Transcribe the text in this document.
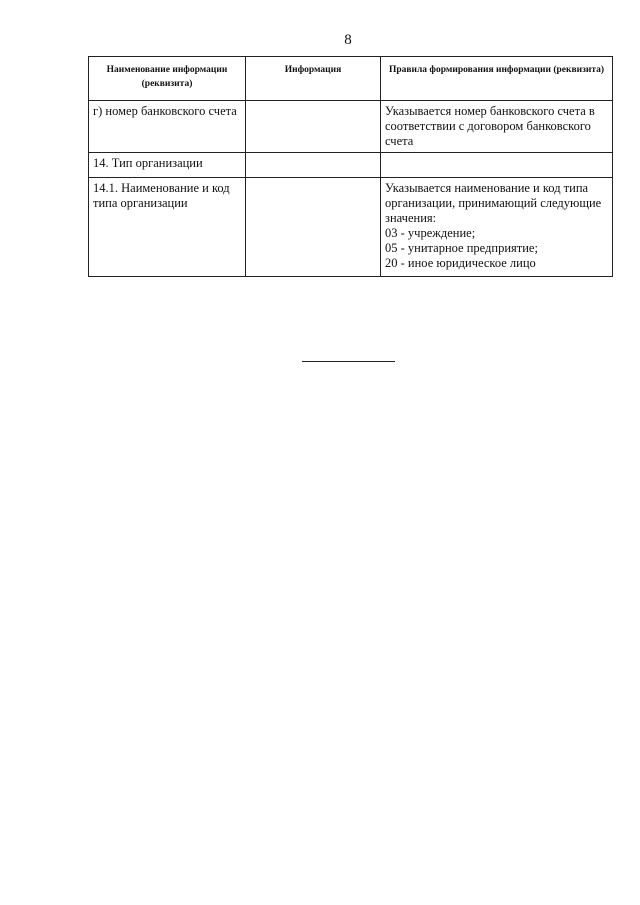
8
Наименование информации (реквизита)	Информация	Правила формирования информации (реквизита)
г) номер банковского счета		Указывается номер банковского счета в соответствии с договором банковского счета

14. Тип организации		
14.1. Наименование и код типа организации		Указывается наименование и код типа организации, принимающий следующие значения:
03 - учреждение;
05 - унитарное предприятие;
20 - иное юридическое лицо
